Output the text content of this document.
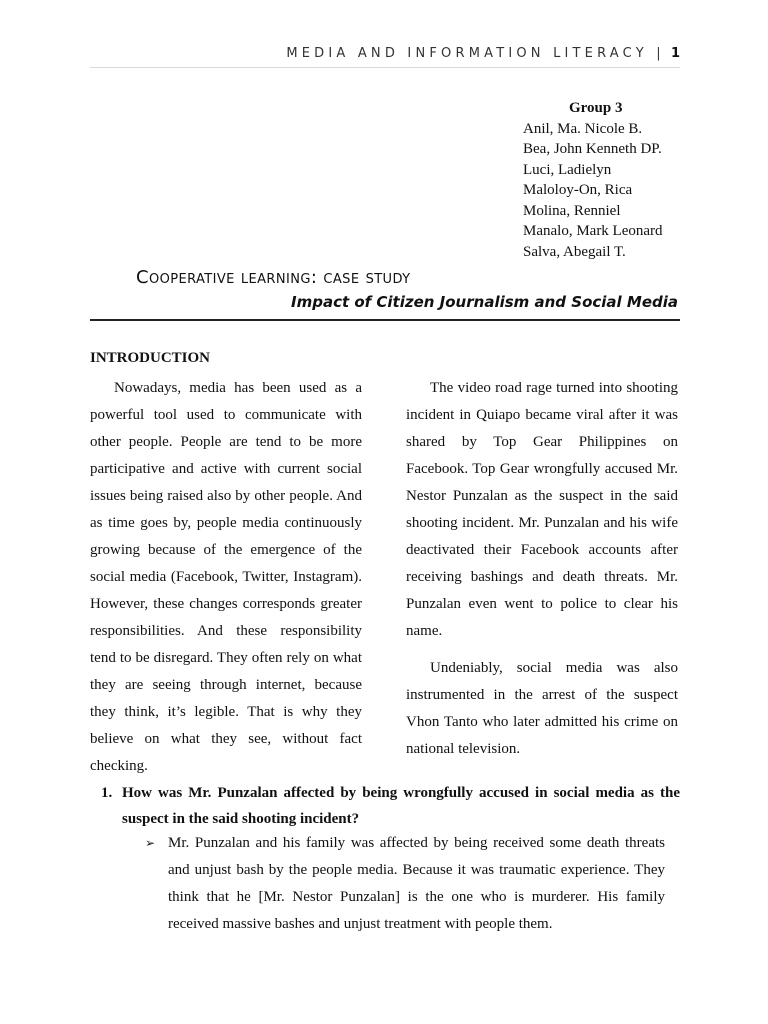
MEDIA AND INFORMATION LITERACY | 1
Group 3
Anil, Ma. Nicole B.
Bea, John Kenneth DP.
Luci, Ladielyn
Maloloy-On, Rica
Molina, Renniel
Manalo, Mark Leonard
Salva, Abegail T.
Cooperative learning: case study
Impact of Citizen Journalism and Social Media
INTRODUCTION

Nowadays, media has been used as a powerful tool used to communicate with other people. People are tend to be more participative and active with current social issues being raised also by other people. And as time goes by, people media continuously growing because of the emergence of the social media (Facebook, Twitter, Instagram). However, these changes corresponds greater responsibilities. And these responsibility tend to be disregard. They often rely on what they are seeing through internet, because they think, it’s legible. That is why they believe on what they see, without fact checking.

The video road rage turned into shooting incident in Quiapo became viral after it was shared by Top Gear Philippines on Facebook. Top Gear wrongfully accused Mr. Nestor Punzalan as the suspect in the said shooting incident. Mr. Punzalan and his wife deactivated their Facebook accounts after receiving bashings and death threats. Mr. Punzalan even went to police to clear his name.

Undeniably, social media was also instrumented in the arrest of the suspect Vhon Tanto who later admitted his crime on national television.

1. How was Mr. Punzalan affected by being wrongfully accused in social media as the suspect in the said shooting incident?
➢ Mr. Punzalan and his family was affected by being received some death threats and unjust bash by the people media. Because it was traumatic experience. They think that he [Mr. Nestor Punzalan] is the one who is murderer. His family received massive bashes and unjust treatment with people them.
